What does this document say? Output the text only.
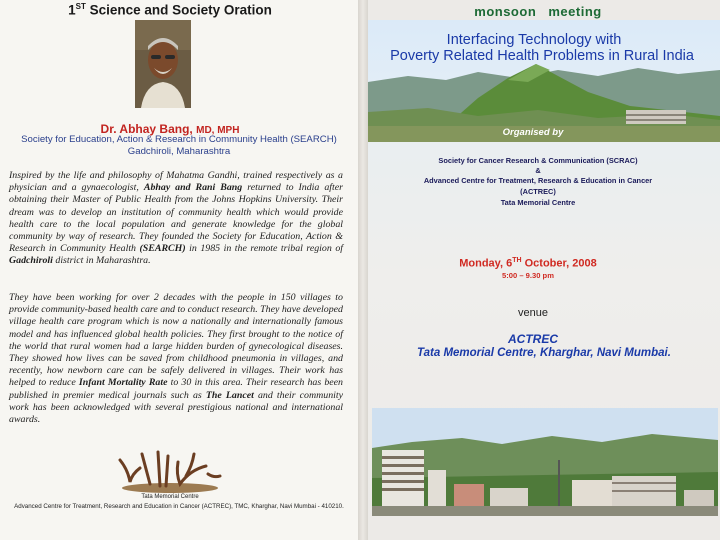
1ST Science and Society Oration
Dr. Abhay Bang, MD, MPH
Society for Education, Action & Research in Community Health (SEARCH)
Gadchiroli, Maharashtra
Inspired by the life and philosophy of Mahatma Gandhi, trained respectively as a physician and a gynaecologist, Abhay and Rani Bang returned to India after obtaining their Master of Public Health from the Johns Hopkins University. Their dream was to develop an institution of community health which would provide health care to the local population and generate knowledge for the global community by way of research. They founded the Society for Education, Action & Research in Community Health (SEARCH) in 1985 in the remote tribal region of Gadchiroli district in Maharashtra.
They have been working for over 2 decades with the people in 150 villages to provide community-based health care and to conduct research. They have developed village health care program which is now a nationally and internationally famous model and has influenced global health policies. They first brought to the notice of the world that rural women had a large hidden burden of gynecological diseases. They showed how lives can be saved from childhood pneumonia in villages, and recently, how newborn care can be safely delivered in villages. Their work has helped to reduce Infant Mortality Rate to 30 in this area. Their research has been published in premier medical journals such as The Lancet and their community work has been acknowledged with several prestigious national and international awards.
Tata Memorial Centre
Advanced Centre for Treatment, Research and Education in Cancer (ACTREC), TMC, Kharghar, Navi Mumbai - 410210.
monsoon meeting
Interfacing Technology with
Poverty Related Health Problems in Rural India
Organised by
Society for Cancer Research & Communication (SCRAC)
&
Advanced Centre for Treatment, Research & Education in Cancer
(ACTREC)
Tata Memorial Centre
Monday, 6TH October, 2008
5:00 – 9.30 pm
venue
ACTREC
Tata Memorial Centre, Kharghar, Navi Mumbai.
